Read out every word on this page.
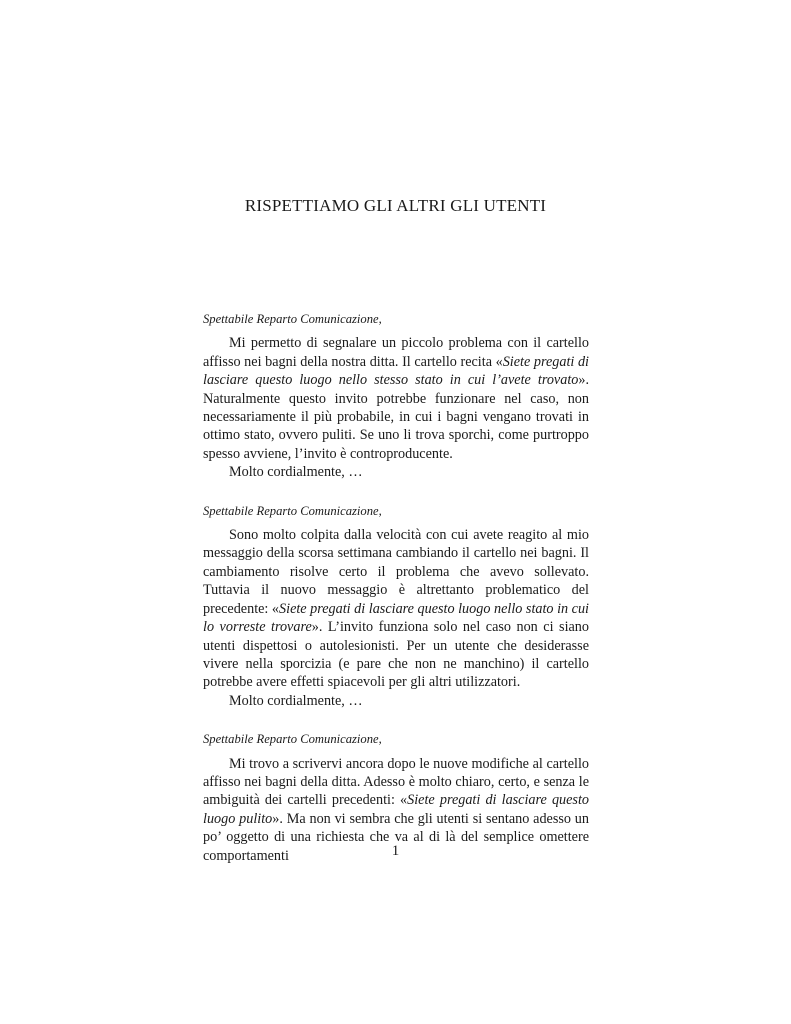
RISPETTIAMO GLI ALTRI GLI UTENTI

Spettabile Reparto Comunicazione,

Mi permetto di segnalare un piccolo problema con il cartello affisso nei bagni della nostra ditta. Il cartello recita «Siete pregati di lasciare questo luogo nello stesso stato in cui l’avete trovato». Naturalmente questo invito potrebbe funzionare nel caso, non necessariamente il più probabile, in cui i bagni vengano trovati in ottimo stato, ovvero puliti. Se uno li trova sporchi, come purtroppo spesso avviene, l’invito è controproducente.

Molto cordialmente, …

Spettabile Reparto Comunicazione,

Sono molto colpita dalla velocità con cui avete reagito al mio messaggio della scorsa settimana cambiando il cartello nei bagni. Il cambiamento risolve certo il problema che avevo sollevato. Tuttavia il nuovo messaggio è altrettanto problematico del precedente: «Siete pregati di lasciare questo luogo nello stato in cui lo vorreste trovare». L’invito funziona solo nel caso non ci siano utenti dispettosi o autolesionisti. Per un utente che desiderasse vivere nella sporcizia (e pare che non ne manchino) il cartello potrebbe avere effetti spiacevoli per gli altri utilizzatori.

Molto cordialmente, …

Spettabile Reparto Comunicazione,

Mi trovo a scrivervi ancora dopo le nuove modifiche al cartello affisso nei bagni della ditta. Adesso è molto chiaro, certo, e senza le ambiguità dei cartelli precedenti: «Siete pregati di lasciare questo luogo pulito». Ma non vi sembra che gli utenti si sentano adesso un po’ oggetto di una richiesta che va al di là del semplice omettere comportamenti	1
